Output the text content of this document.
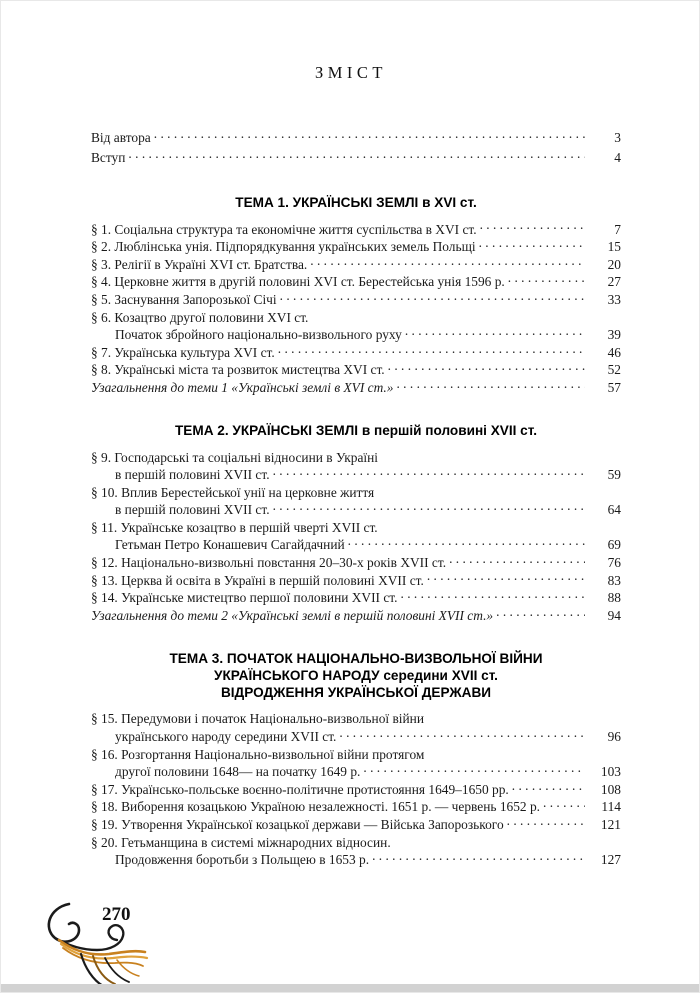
ЗМІСТ
Від автора . . .	3
Вступ . . .	4
ТЕМА 1. УКРАЇНСЬКІ ЗЕМЛІ в XVI ст.
§ 1. Соціальна структура та економічне життя суспільства в XVI ст. . . .	7
§ 2. Люблінська унія. Підпорядкування українських земель Польщі . . .	15
§ 3. Релігії в Україні XVI ст. Братства. . . .	20
§ 4. Церковне життя в другій половині XVI ст. Берестейська унія 1596 р. . . .	27
§ 5. Заснування Запорозької Січі . . .	33
§ 6. Козацтво другої половини XVI ст.
Початок збройного національно-визвольного руху . . .	39
§ 7. Українська культура XVI ст. . . .	46
§ 8. Українські міста та розвиток мистецтва XVI ст. . . .	52
Узагальнення до теми 1 «Українські землі в XVI ст.» . . .	57
ТЕМА 2. УКРАЇНСЬКІ ЗЕМЛІ в першій половині XVII ст.
§ 9. Господарські та соціальні відносини в Україні
в першій половині XVII ст. . . .	59
§ 10. Вплив Берестейської унії на церковне життя
в першій половині XVII ст. . . .	64
§ 11. Українське козацтво в першій чверті XVII ст.
Гетьман Петро Конашевич Сагайдачний . . .	69
§ 12. Національно-визвольні повстання 20–30-х років XVII ст. . . .	76
§ 13. Церква й освіта в Україні в першій половині XVII ст. . . .	83
§ 14. Українське мистецтво першої половини XVII ст. . . .	88
Узагальнення до теми 2 «Українські землі в першій половині XVII ст.» . . .	94
ТЕМА 3. ПОЧАТОК НАЦІОНАЛЬНО-ВИЗВОЛЬНОЇ ВІЙНИ
УКРАЇНСЬКОГО НАРОДУ середини XVII ст.
ВІДРОДЖЕННЯ УКРАЇНСЬКОЇ ДЕРЖАВИ
§ 15. Передумови і початок Національно-визвольної війни
українського народу середини XVII ст. . . .	96
§ 16. Розгортання Національно-визвольної війни протягом
другої половини 1648— на початку 1649 р. . . .	103
§ 17. Українсько-польське воєнно-політичне протистояння 1649–1650 рр. . . .	108
§ 18. Виборення козацькою Україною незалежності. 1651 р. — червень 1652 р. . . .	114
§ 19. Утворення Української козацької держави — Війська Запорозького . . .	121
§ 20. Гетьманщина в системі міжнародних відносин.
Продовження боротьби з Польщею в 1653 р. . . .	127
270
